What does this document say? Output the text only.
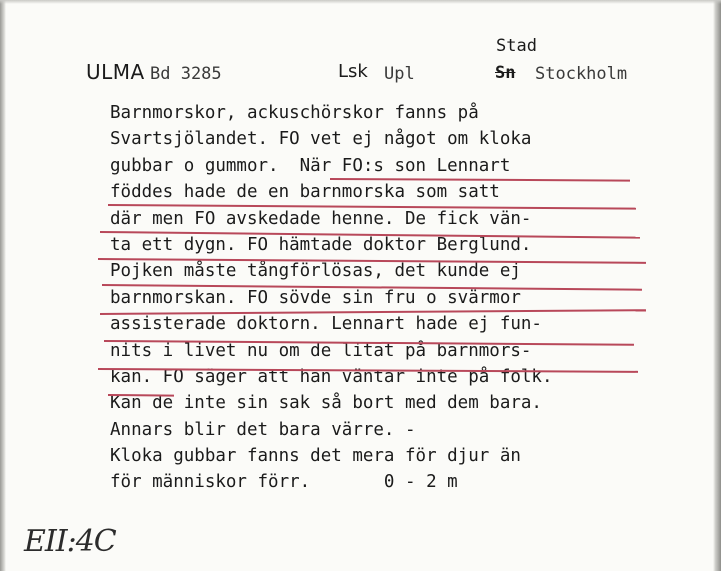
ULMA Bd 3285	Lsk Upl
Stad
Sn Stockholm
Barnmorskor, ackuschörskor fanns på
Svartsjölandet. FO vet ej något om kloka
gubbar o gummor.  När FO:s son Lennart
föddes hade de en barnmorska som satt
där men FO avskedade henne. De fick vän-
ta ett dygn. FO hämtade doktor Berglund.
Pojken måste tångförlösas, det kunde ej
barnmorskan. FO sövde sin fru o svärmor
assisterade doktorn. Lennart hade ej fun-
nits i livet nu om de litat på barnmors-
kan. FO säger att han väntar inte på folk.
Kan de inte sin sak så bort med dem bara.
Annars blir det bara värre. -
Kloka gubbar fanns det mera för djur än
för människor förr.       0 - 2 m
EII:4C
